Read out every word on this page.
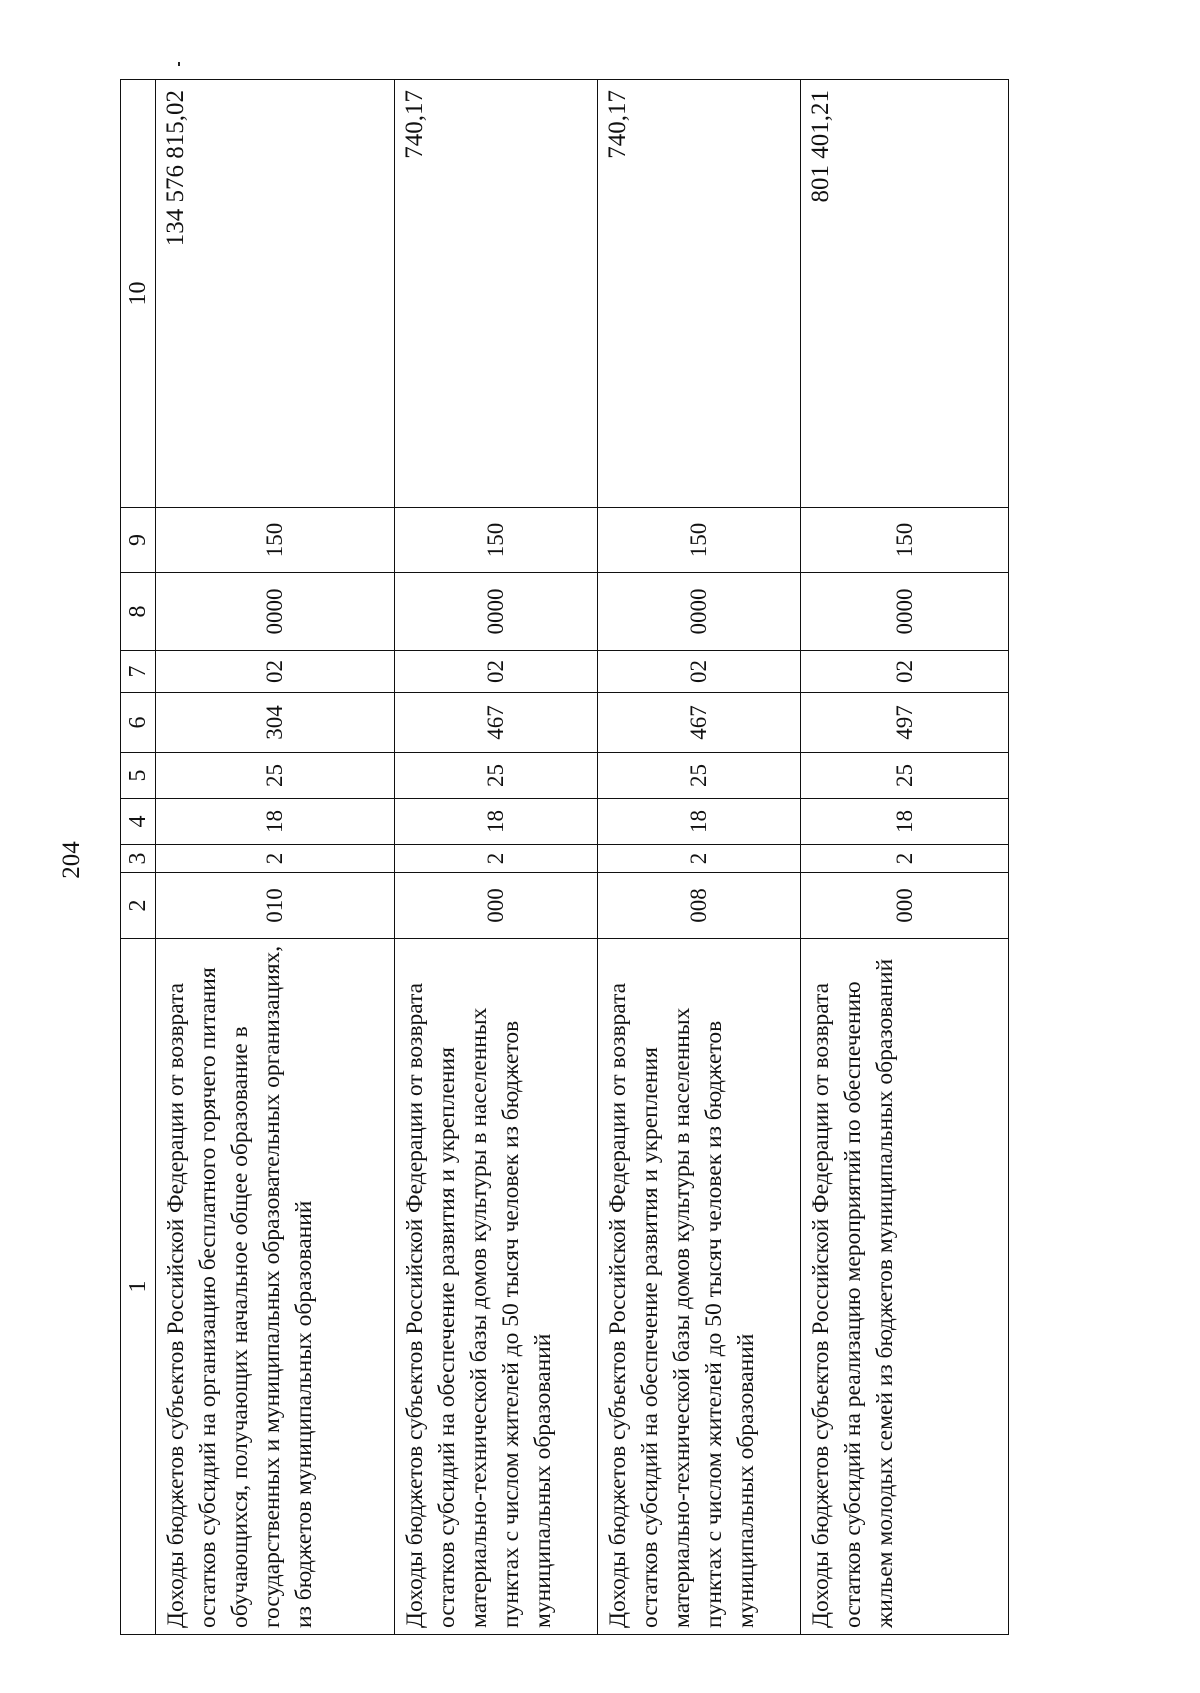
204
1	2	3	4	5	6	7	8	9	10
Доходы бюджетов субъектов Российской Федерации от возврата остатков субсидий на организацию бесплатного горячего питания обучающихся, получающих начальное общее образование в государственных и муниципальных образовательных организациях, из бюджетов муниципальных образований	010	2	18	25	304	02	0000	150	134 576 815,02
Доходы бюджетов субъектов Российской Федерации от возврата остатков субсидий на обеспечение развития и укрепления материально-технической базы домов культуры в населенных пунктах с числом жителей до 50 тысяч человек из бюджетов муниципальных образований	000	2	18	25	467	02	0000	150	740,17
Доходы бюджетов субъектов Российской Федерации от возврата остатков субсидий на обеспечение развития и укрепления материально-технической базы домов культуры в населенных пунктах с числом жителей до 50 тысяч человек из бюджетов муниципальных образований	008	2	18	25	467	02	0000	150	740,17
Доходы бюджетов субъектов Российской Федерации от возврата остатков субсидий на реализацию мероприятий по обеспечению жильем молодых семей из бюджетов муниципальных образований	000	2	18	25	497	02	0000	150	801 401,21
